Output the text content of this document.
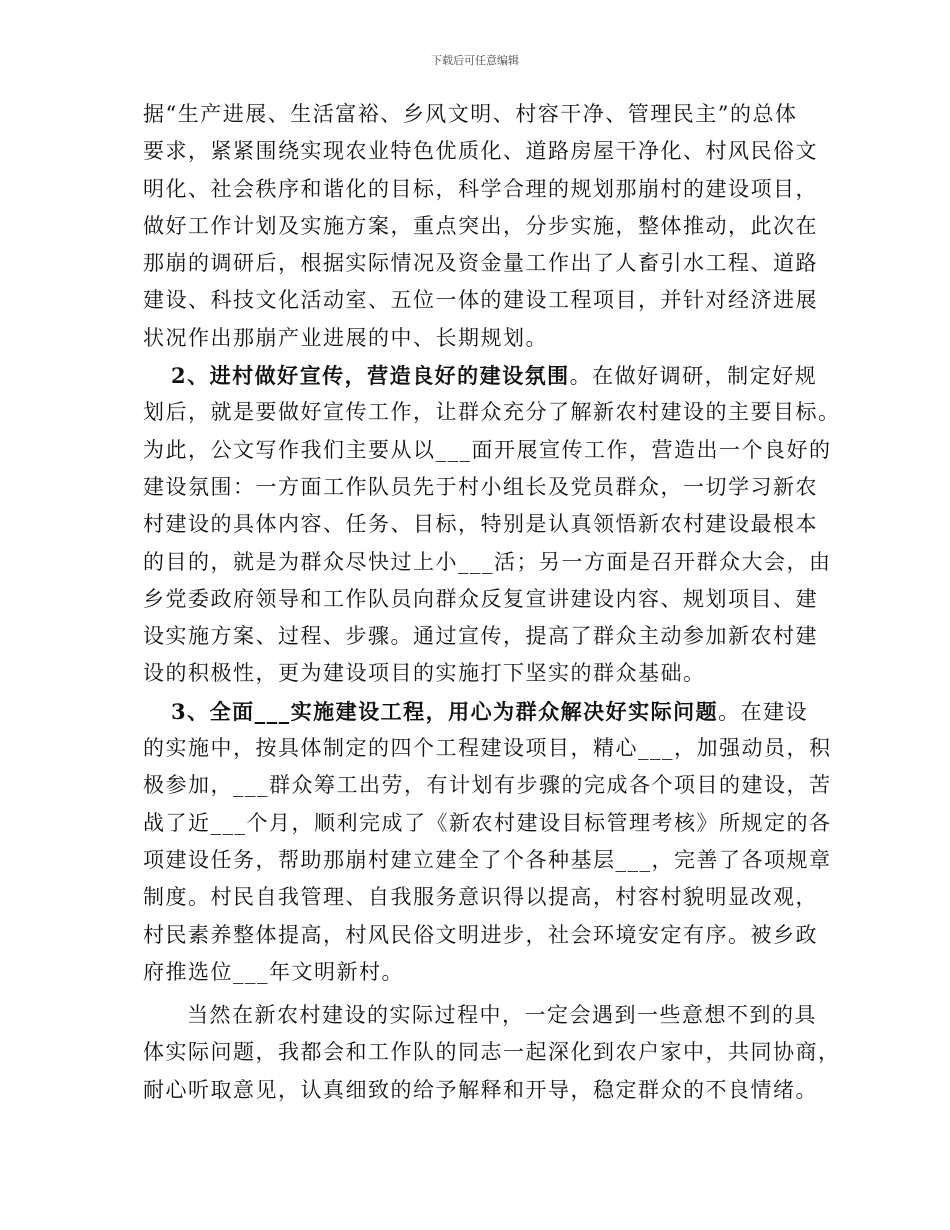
下载后可任意编辑
据“生产进展、生活富裕、乡风文明、村容干净、管理民主”的总体
要求，紧紧围绕实现农业特色优质化、道路房屋干净化、村风民俗文
明化、社会秩序和谐化的目标，科学合理的规划那崩村的建设项目，
做好工作计划及实施方案，重点突出，分步实施，整体推动，此次在
那崩的调研后，根据实际情况及资金量工作出了人畜引水工程、道路
建设、科技文化活动室、五位一体的建设工程项目，并针对经济进展
状况作出那崩产业进展的中、长期规划。
2、进村做好宣传，营造良好的建设氛围。在做好调研，制定好规
划后，就是要做好宣传工作，让群众充分了解新农村建设的主要目标。
为此，公文写作我们主要从以___面开展宣传工作，营造出一个良好的
建设氛围：一方面工作队员先于村小组长及党员群众，一切学习新农
村建设的具体内容、任务、目标，特别是认真领悟新农村建设最根本
的目的，就是为群众尽快过上小___活；另一方面是召开群众大会，由
乡党委政府领导和工作队员向群众反复宣讲建设内容、规划项目、建
设实施方案、过程、步骤。通过宣传，提高了群众主动参加新农村建
设的积极性，更为建设项目的实施打下坚实的群众基础。
3、全面___实施建设工程，用心为群众解决好实际问题。在建设
的实施中，按具体制定的四个工程建设项目，精心___，加强动员，积
极参加，___群众筹工出劳，有计划有步骤的完成各个项目的建设，苦
战了近___个月，顺利完成了《新农村建设目标管理考核》所规定的各
项建设任务，帮助那崩村建立建全了个各种基层___，完善了各项规章
制度。村民自我管理、自我服务意识得以提高，村容村貌明显改观，
村民素养整体提高，村风民俗文明进步，社会环境安定有序。被乡政
府推选位___年文明新村。
当然在新农村建设的实际过程中，一定会遇到一些意想不到的具
体实际问题，我都会和工作队的同志一起深化到农户家中，共同协商，
耐心听取意见，认真细致的给予解释和开导，稳定群众的不良情绪。
